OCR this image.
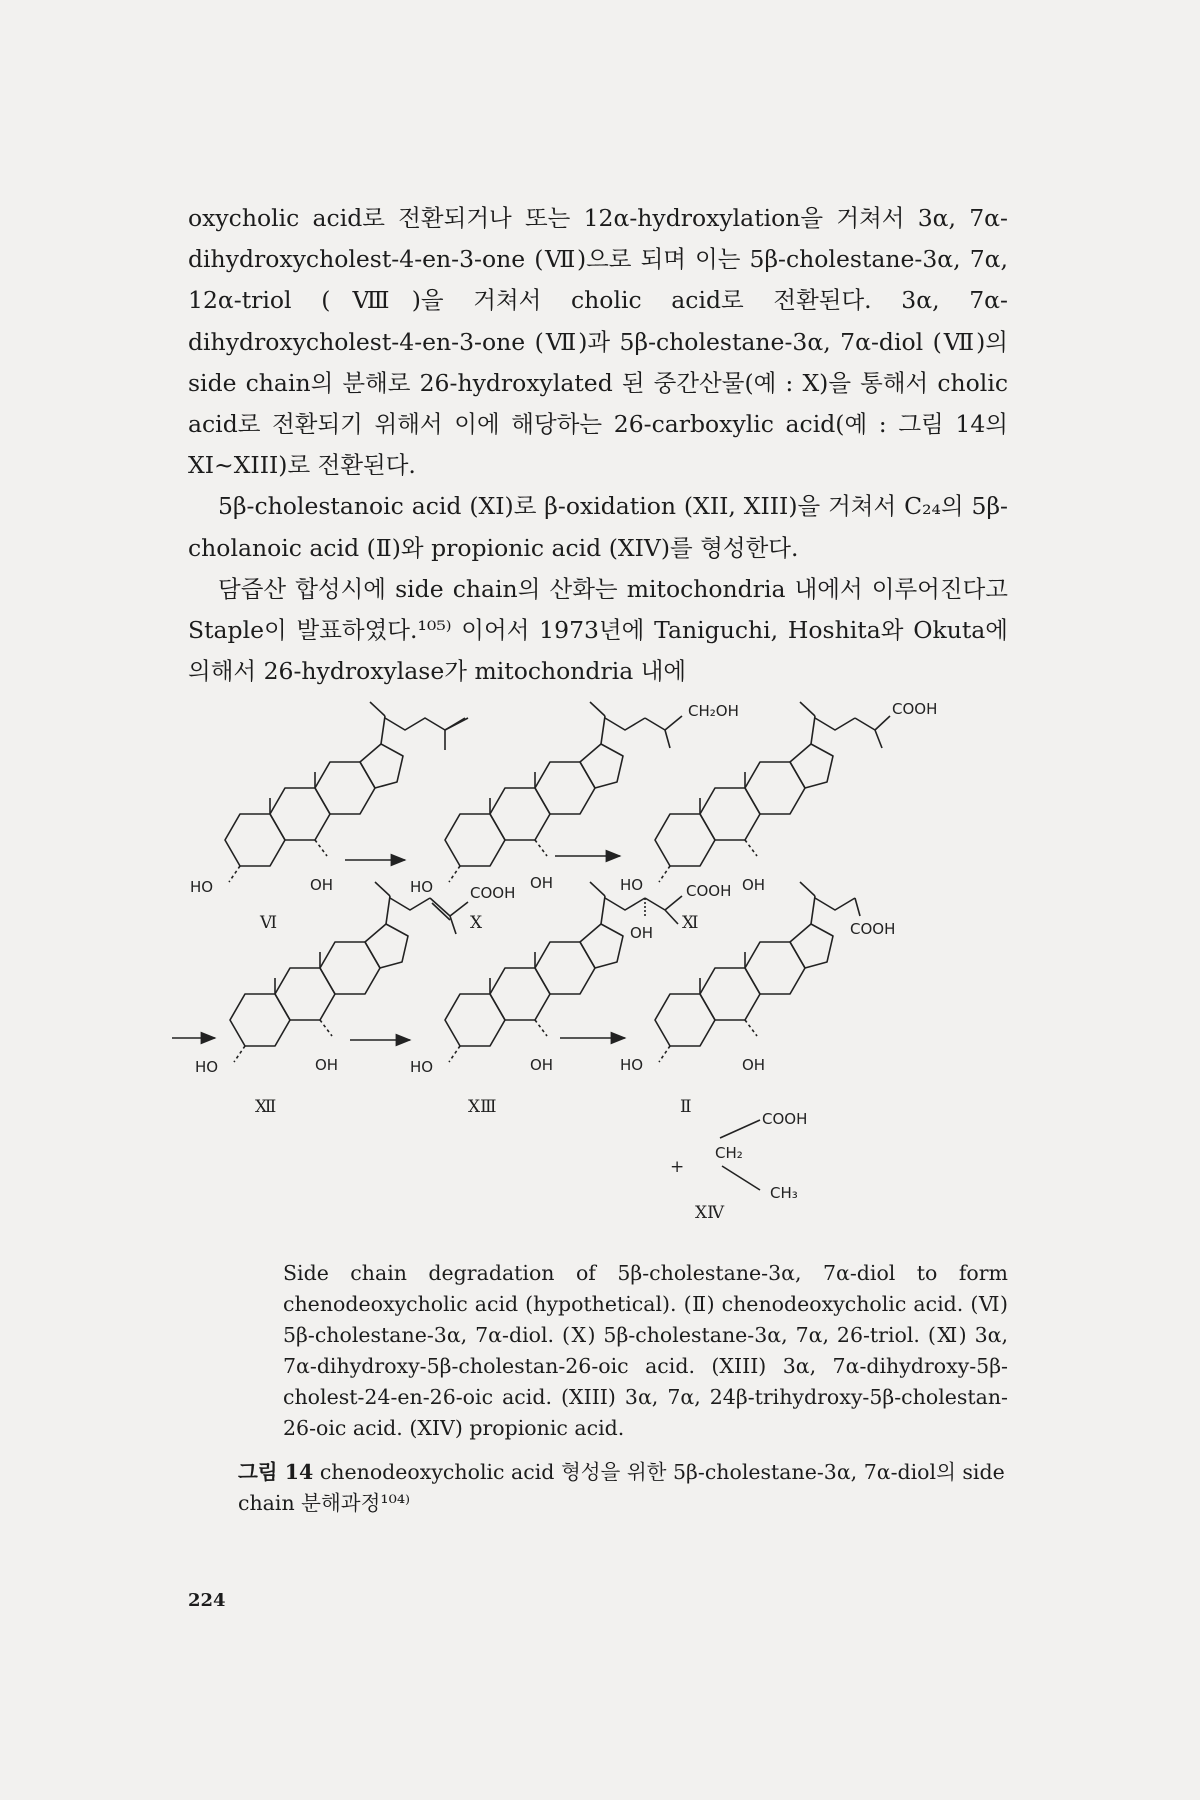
oxycholic acid로 전환되거나 또는 12α-hydroxylation을 거쳐서 3α, 7α-dihydroxycholest-4-en-3-one (Ⅶ)으로 되며 이는 5β-cholestane-3α, 7α, 12α-triol (Ⅷ)을 거쳐서 cholic acid로 전환된다. 3α, 7α-dihydroxycholest-4-en-3-one (Ⅶ)과 5β-cholestane-3α, 7α-diol (Ⅶ)의 side chain의 분해로 26-hydroxylated 된 중간산물(예 : X)을 통해서 cholic acid로 전환되기 위해서 이에 해당하는 26-carboxylic acid(예 : 그림 14의 XI~XIII)로 전환된다.

5β-cholestanoic acid (XI)로 β-oxidation (XII, XIII)을 거쳐서 C₂₄의 5β-cholanoic acid (Ⅱ)와 propionic acid (XIV)를 형성한다.

담즙산 합성시에 side chain의 산화는 mitochondria 내에서 이루어진다고 Staple이 발표하였다.¹⁰⁵⁾ 이어서 1973년에 Taniguchi, Hoshita와 Okuta에 의해서 26-hydroxylase가 mitochondria 내에

HO	OH
Ⅵ
CH₂OH
HO	OH
Ⅹ
COOH
HO	OH
Ⅺ
COOH
HO	OH
Ⅻ
COOH
OH
HO	OH
XⅢ
COOH
HO	OH
Ⅱ
+
COOH
CH₂
CH₃
XⅣ
Side chain degradation of 5β-cholestane-3α, 7α-diol to form chenodeoxycholic acid (hypothetical). (Ⅱ) chenodeoxycholic acid. (Ⅵ) 5β-cholestane-3α, 7α-diol. (Ⅹ) 5β-cholestane-3α, 7α, 26-triol. (Ⅺ) 3α, 7α-dihydroxy-5β-cholestan-26-oic acid. (XIII) 3α, 7α-dihydroxy-5β-cholest-24-en-26-oic acid. (XIII) 3α, 7α, 24β-trihydroxy-5β-cholestan-26-oic acid. (XIV) propionic acid.
그림 14 chenodeoxycholic acid 형성을 위한 5β-cholestane-3α, 7α-diol의 side chain 분해과정¹⁰⁴⁾
224
